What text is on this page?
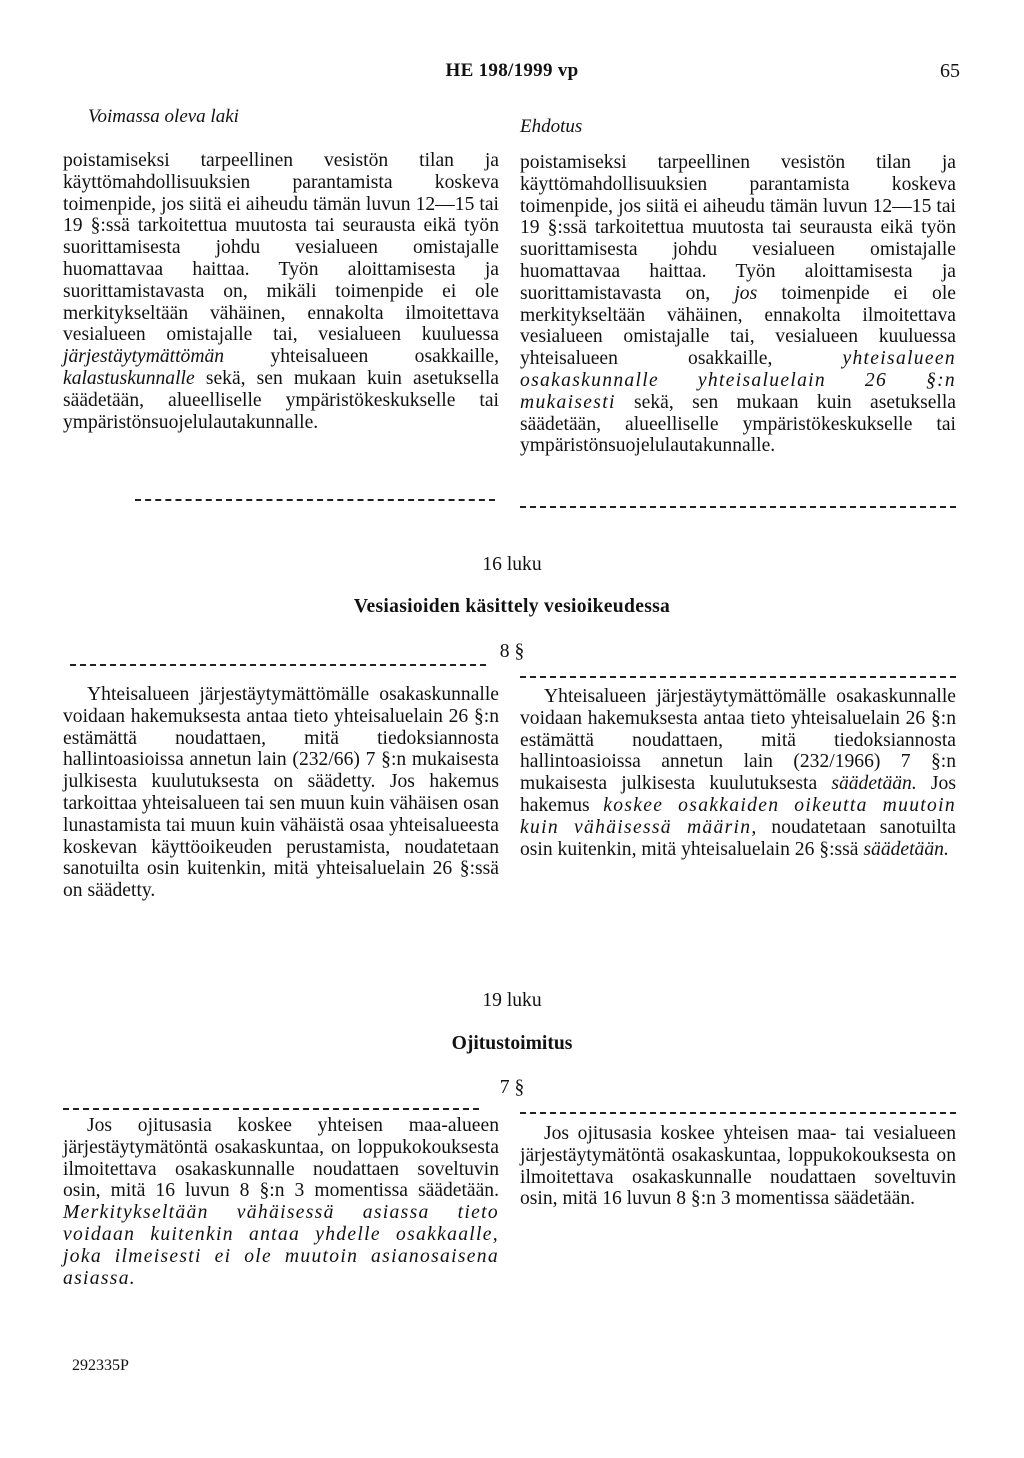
HE 198/1999 vp	65
Voimassa oleva laki	Ehdotus

poistamiseksi tarpeellinen vesistön tilan ja käyttömahdollisuuksien parantamista koskeva toimenpide, jos siitä ei aiheudu tämän luvun 12—15 tai 19 §:ssä tarkoitettua muutosta tai seurausta eikä työn suorittamisesta johdu vesialueen omistajalle huomattavaa haittaa. Työn aloittamisesta ja suorittamistavasta on, mikäli toimenpide ei ole merkitykseltään vähäinen, ennakolta ilmoitettava vesialueen omistajalle tai, vesialueen kuuluessa järjestäytymättömän yhteisalueen osakkaille, kalastuskunnalle sekä, sen mukaan kuin asetuksella säädetään, alueelliselle ympäristökeskukselle tai ympäristönsuojelulautakunnalle.

poistamiseksi tarpeellinen vesistön tilan ja käyttömahdollisuuksien parantamista koskeva toimenpide, jos siitä ei aiheudu tämän luvun 12—15 tai 19 §:ssä tarkoitettua muutosta tai seurausta eikä työn suorittamisesta johdu vesialueen omistajalle huomattavaa haittaa. Työn aloittamisesta ja suorittamistavasta on, jos toimenpide ei ole merkitykseltään vähäinen, ennakolta ilmoitettava vesialueen omistajalle tai, vesialueen kuuluessa yhteisalueen osakkaille,	yhteisalueen osakaskunnalle yhteisaluelain 26 §:n mukaisesti sekä, sen mukaan kuin asetuksella säädetään, alueelliselle ympäristökeskukselle tai ympäristönsuojelulautakunnalle.

16 luku
Vesiasioiden käsittely vesioikeudessa
8 §

Yhteisalueen järjestäytymättömälle osakaskunnalle voidaan hakemuksesta antaa tieto yhteisaluelain 26 §:n estämättä noudattaen, mitä tiedoksiannosta hallintoasioissa annetun lain (232/66) 7 §:n mukaisesta julkisesta kuulutuksesta on säädetty. Jos hakemus tarkoittaa yhteisalueen tai sen muun kuin vähäisen osan lunastamista tai muun kuin vähäistä osaa yhteisalueesta koskevan käyttöoikeuden perustamista, noudatetaan sanotuilta osin kuitenkin, mitä yhteisaluelain 26 §:ssä on säädetty.

Yhteisalueen järjestäytymättömälle osakaskunnalle voidaan hakemuksesta antaa tieto yhteisaluelain 26 §:n estämättä noudattaen, mitä tiedoksiannosta hallintoasioissa annetun lain (232/1966) 7 §:n mukaisesta julkisesta kuulutuksesta säädetään. Jos hakemus koskee osakkaiden oikeutta muutoin kuin vähäisessä määrin, noudatetaan sanotuilta osin kuitenkin, mitä yhteisaluelain 26 §:ssä säädetään.

19 luku
Ojitustoimitus
7 §

Jos ojitusasia koskee yhteisen maa-alueen järjestäytymätöntä osakaskuntaa, on loppukokouksesta ilmoitettava osakaskunnalle noudattaen soveltuvin osin, mitä 16 luvun 8 §:n 3 momentissa säädetään. Merkitykseltään vähäisessä asiassa tieto voidaan kuitenkin antaa yhdelle osakkaalle, joka ilmeisesti ei ole muutoin asianosaisena asiassa.

Jos ojitusasia koskee yhteisen maa- tai vesialueen järjestäytymätöntä osakaskuntaa, loppukokouksesta on ilmoitettava osakaskunnalle noudattaen soveltuvin osin, mitä 16 luvun 8 §:n 3 momentissa säädetään.

292335P
